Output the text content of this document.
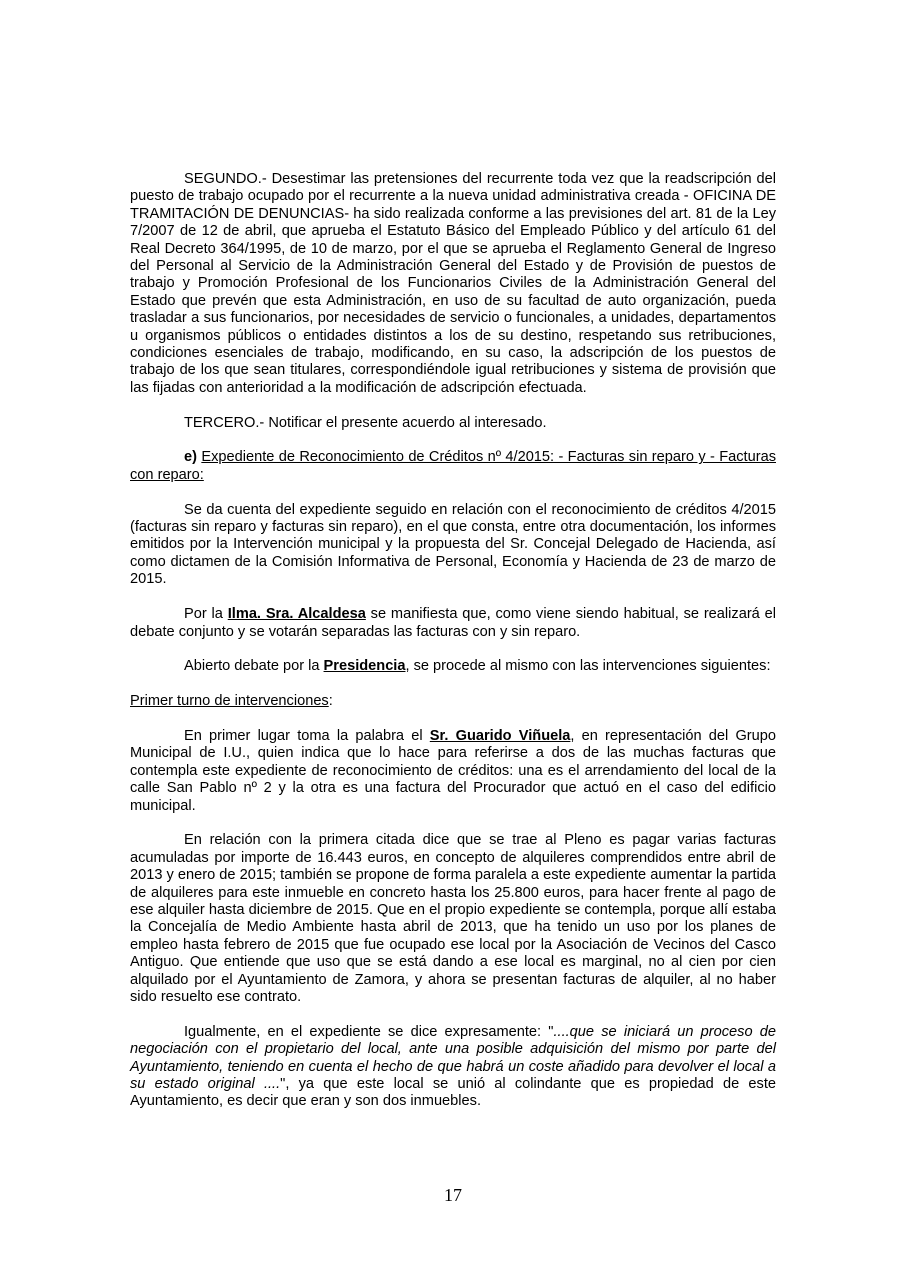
SEGUNDO.- Desestimar las pretensiones del recurrente toda vez que la readscripción del puesto de trabajo ocupado por el recurrente a la nueva unidad administrativa creada - OFICINA DE TRAMITACIÓN DE DENUNCIAS- ha sido realizada conforme a las previsiones del art. 81 de la Ley 7/2007 de 12 de abril, que aprueba el Estatuto Básico del Empleado Público y del artículo 61 del Real Decreto 364/1995, de 10 de marzo, por el que se aprueba el Reglamento General de Ingreso del Personal al Servicio de la Administración General del Estado y de Provisión de puestos de trabajo y Promoción Profesional de los Funcionarios Civiles de la Administración General del Estado que prevén que esta Administración, en uso de su facultad de auto organización, pueda trasladar a sus funcionarios, por necesidades de servicio o funcionales, a unidades, departamentos u organismos públicos o entidades distintos a los de su destino, respetando sus retribuciones, condiciones esenciales de trabajo, modificando, en su caso, la adscripción de los puestos de trabajo de los que sean titulares, correspondiéndole igual retribuciones y sistema de provisión que las fijadas con anterioridad a la modificación de adscripción efectuada.

TERCERO.- Notificar el presente acuerdo al interesado.

e) Expediente de Reconocimiento de Créditos nº 4/2015: - Facturas sin reparo y - Facturas con reparo:

Se da cuenta del expediente seguido en relación con el reconocimiento de créditos 4/2015 (facturas sin reparo y facturas sin reparo), en el que consta, entre otra documentación, los informes emitidos por la Intervención municipal y la propuesta del Sr. Concejal Delegado de Hacienda, así como dictamen de la Comisión Informativa de Personal, Economía y Hacienda de 23 de marzo de 2015.

Por la Ilma. Sra. Alcaldesa se manifiesta que, como viene siendo habitual, se realizará el debate conjunto y se votarán separadas las facturas con y sin reparo.

Abierto debate por la Presidencia, se procede al mismo con las intervenciones siguientes:

Primer turno de intervenciones:

En primer lugar toma la palabra el Sr. Guarido Viñuela, en representación del Grupo Municipal de I.U., quien indica que lo hace para referirse a dos de las muchas facturas que contempla este expediente de reconocimiento de créditos: una es el arrendamiento del local de la calle San Pablo nº 2 y la otra es una factura del Procurador que actuó en el caso del edificio municipal.

En relación con la primera citada dice que se trae al Pleno es pagar varias facturas acumuladas por importe de 16.443 euros, en concepto de alquileres comprendidos entre abril de 2013 y enero de 2015; también se propone de forma paralela a este expediente aumentar la partida de alquileres para este inmueble en concreto hasta los 25.800 euros, para hacer frente al pago de ese alquiler hasta diciembre de 2015. Que en el propio expediente se contempla, porque allí estaba la Concejalía de Medio Ambiente hasta abril de 2013, que ha tenido un uso por los planes de empleo hasta febrero de 2015 que fue ocupado ese local por la Asociación de Vecinos del Casco Antiguo. Que entiende que uso que se está dando a ese local es marginal, no al cien por cien alquilado por el Ayuntamiento de Zamora, y ahora se presentan facturas de alquiler, al no haber sido resuelto ese contrato.

Igualmente, en el expediente se dice expresamente: "....que se iniciará un proceso de negociación con el propietario del local, ante una posible adquisición del mismo por parte del Ayuntamiento, teniendo en cuenta el hecho de que habrá un coste añadido para devolver el local a su estado original ....", ya que este local se unió al colindante que es propiedad de este Ayuntamiento, es decir que eran y son dos inmuebles.

17
